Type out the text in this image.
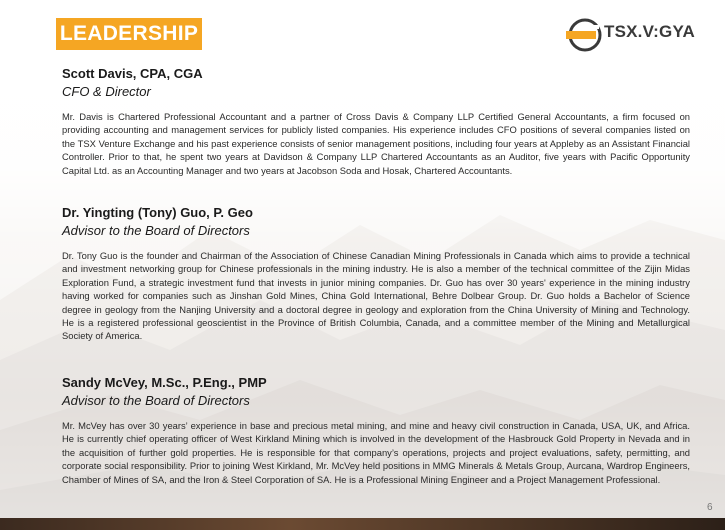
LEADERSHIP	TSX.V:GYA
Scott Davis, CPA, CGA
CFO & Director

Mr. Davis is Chartered Professional Accountant and a partner of Cross Davis & Company LLP Certified General Accountants, a firm focused on providing accounting and management services for publicly listed companies. His experience includes CFO positions of several companies listed on the TSX Venture Exchange and his past experience consists of senior management positions, including four years at Appleby as an Assistant Financial Controller. Prior to that, he spent two years at Davidson & Company LLP Chartered Accountants as an Auditor, five years with Pacific Opportunity Capital Ltd. as an Accounting Manager and two years at Jacobson Soda and Hosak, Chartered Accountants.

Dr. Yingting (Tony) Guo, P. Geo
Advisor to the Board of Directors

Dr. Tony Guo is the founder and Chairman of the Association of Chinese Canadian Mining Professionals in Canada which aims to provide a technical and investment networking group for Chinese professionals in the mining industry. He is also a member of the technical committee of the Zijin Midas Exploration Fund, a strategic investment fund that invests in junior mining companies. Dr. Guo has over 30 years' experience in the mining industry having worked for companies such as Jinshan Gold Mines, China Gold International, Behre Dolbear Group. Dr. Guo holds a Bachelor of Science degree in geology from the Nanjing University and a doctoral degree in geology and exploration from the China University of Mining and Technology. He is a registered professional geoscientist in the Province of British Columbia, Canada, and a committee member of the Mining and Metallurgical Society of America.

Sandy McVey, M.Sc., P.Eng., PMP
Advisor to the Board of Directors

Mr. McVey has over 30 years’ experience in base and precious metal mining, and mine and heavy civil construction in Canada, USA, UK, and Africa. He is currently chief operating officer of West Kirkland Mining which is involved in the development of the Hasbrouck Gold Property in Nevada and in the acquisition of further gold properties. He is responsible for that company’s operations, projects and project evaluations, safety, permitting, and corporate social responsibility. Prior to joining West Kirkland, Mr. McVey held positions in MMG Minerals & Metals Group, Aurcana, Wardrop Engineers, Chamber of Mines of SA, and the Iron & Steel Corporation of SA. He is a Professional Mining Engineer and a Project Management Professional.

6
